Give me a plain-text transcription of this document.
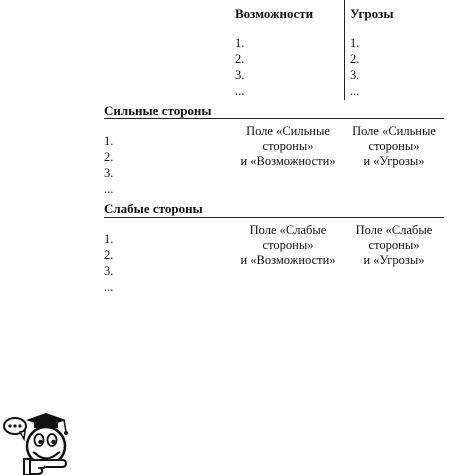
Возможности	Угрозы
1.
2.
3.
...
1.
2.
3.
...
Сильные стороны
1.
2.
3.
...
Поле «Сильные
стороны»
и «Возможности»
Поле «Сильные
стороны»
и «Угрозы»
Слабые стороны
1.
2.
3.
...
Поле «Слабые
стороны»
и «Возможности»
Поле «Слабые
стороны»
и «Угрозы»
